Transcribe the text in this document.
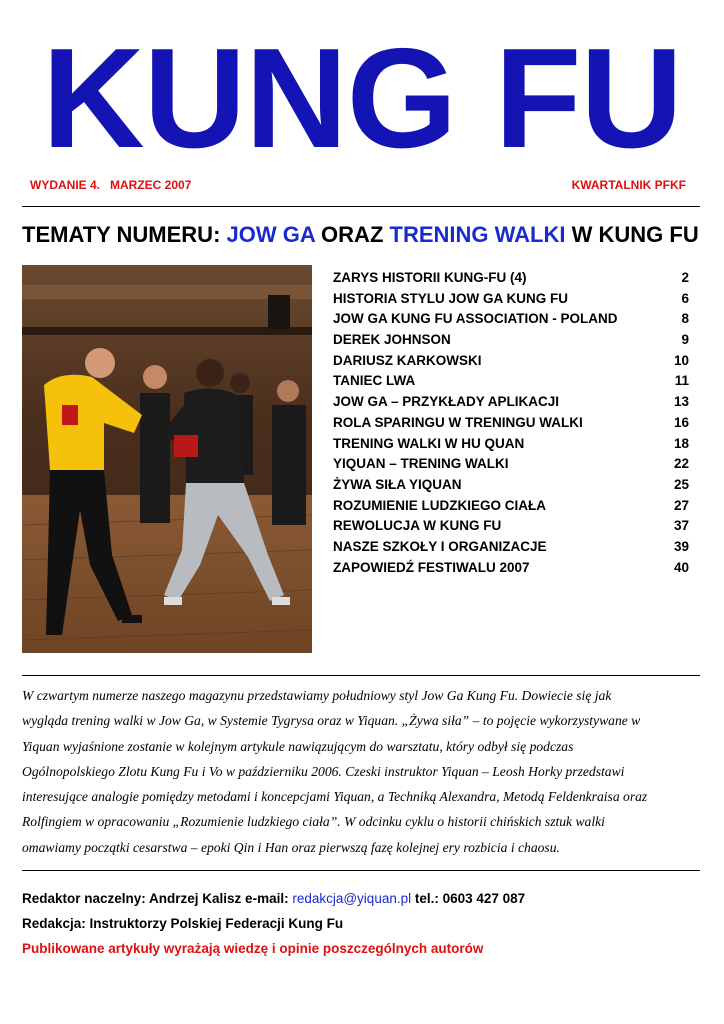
KUNG FU
WYDANIE 4.   MARZEC 2007	KWARTALNIK PFKF
TEMATY NUMERU: JOW GA ORAZ TRENING WALKI W KUNG FU
ZARYS HISTORII KUNG-FU (4)	2
HISTORIA STYLU JOW GA KUNG FU	6
JOW GA KUNG FU ASSOCIATION - POLAND	8
DEREK JOHNSON	9
DARIUSZ KARKOWSKI	10
TANIEC LWA	11
JOW GA – PRZYKŁADY APLIKACJI	13
ROLA SPARINGU W TRENINGU WALKI	16
TRENING WALKI W HU QUAN	18
YIQUAN – TRENING WALKI	22
ŻYWA SIŁA YIQUAN	25
ROZUMIENIE LUDZKIEGO CIAŁA	27
REWOLUCJA W KUNG FU	37
NASZE SZKOŁY I ORGANIZACJE	39
ZAPOWIEDŹ FESTIWALU 2007	40
W czwartym numerze naszego magazynu przedstawiamy południowy styl Jow Ga Kung Fu. Dowiecie się jak
wygląda trening walki w Jow Ga, w Systemie Tygrysa oraz w Yiquan. „Żywa siła” – to pojęcie wykorzystywane w
Yiquan wyjaśnione zostanie w kolejnym artykule nawiązującym do warsztatu, który odbył się podczas
Ogólnopolskiego Zlotu Kung Fu i Vo w październiku 2006. Czeski instruktor Yiquan – Leosh Horky przedstawi
interesujące analogie pomiędzy metodami i koncepcjami Yiquan, a Techniką Alexandra, Metodą Feldenkraisa oraz
Rolfingiem w opracowaniu „Rozumienie ludzkiego ciała”. W odcinku cyklu o historii chińskich sztuk walki
omawiamy początki cesarstwa – epoki Qin i Han oraz pierwszą fazę kolejnej ery rozbicia i chaosu.
Redaktor naczelny: Andrzej Kalisz e-mail: redakcja@yiquan.pl tel.: 0603 427 087
Redakcja: Instruktorzy Polskiej Federacji Kung Fu
Publikowane artykuły wyrażają wiedzę i opinie poszczególnych autorów
